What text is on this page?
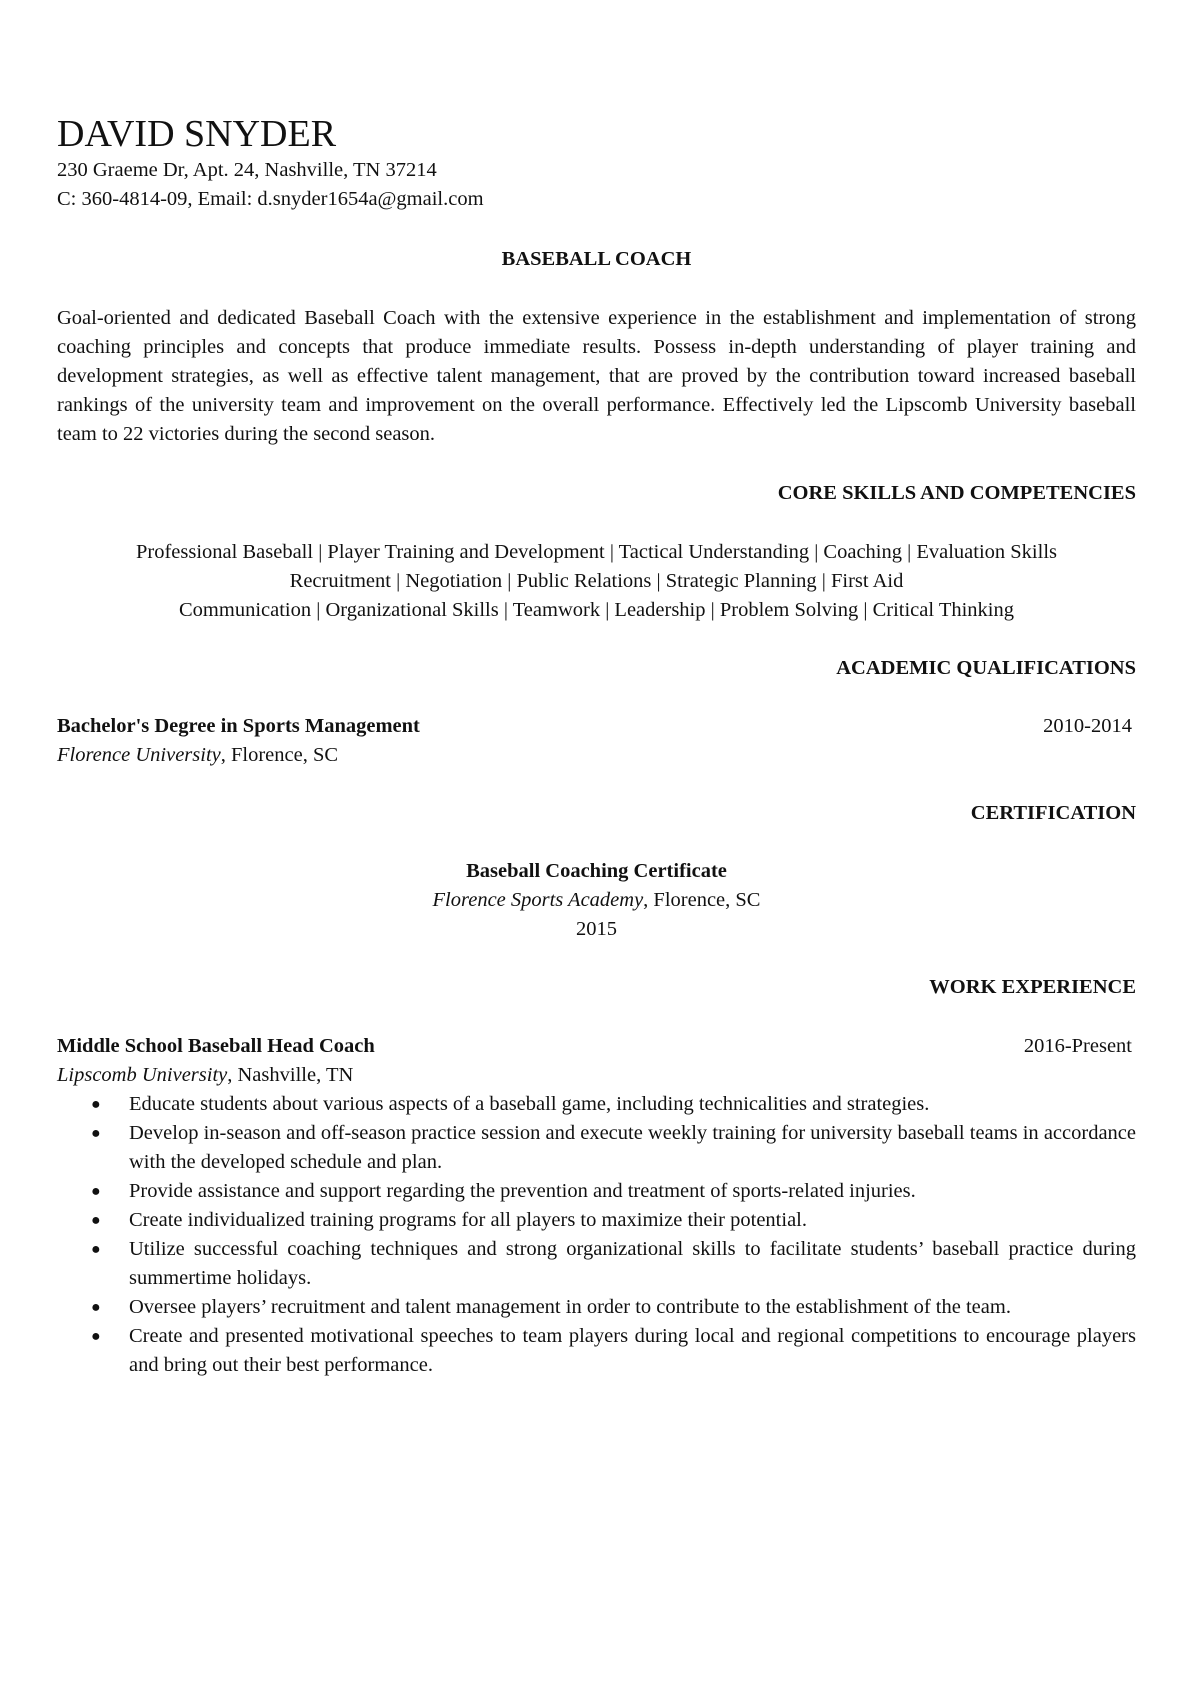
DAVID SNYDER
230 Graeme Dr, Apt. 24, Nashville, TN 37214
C: 360-4814-09, Email: d.snyder1654a@gmail.com
BASEBALL COACH
Goal-oriented and dedicated Baseball Coach with the extensive experience in the establishment and implementation of strong coaching principles and concepts that produce immediate results. Possess in-depth understanding of player training and development strategies, as well as effective talent management, that are proved by the contribution toward increased baseball rankings of the university team and improvement on the overall performance. Effectively led the Lipscomb University baseball team to 22 victories during the second season.
CORE SKILLS AND COMPETENCIES
Professional Baseball | Player Training and Development | Tactical Understanding | Coaching | Evaluation Skills
Recruitment | Negotiation | Public Relations | Strategic Planning | First Aid
Communication | Organizational Skills | Teamwork | Leadership | Problem Solving | Critical Thinking
ACADEMIC QUALIFICATIONS
Bachelor's Degree in Sports Management	2010-2014
Florence University, Florence, SC
CERTIFICATION
Baseball Coaching Certificate
Florence Sports Academy, Florence, SC
2015
WORK EXPERIENCE
Middle School Baseball Head Coach	2016-Present
Lipscomb University, Nashville, TN
● Educate students about various aspects of a baseball game, including technicalities and strategies.
● Develop in-season and off-season practice session and execute weekly training for university baseball teams in accordance with the developed schedule and plan.
● Provide assistance and support regarding the prevention and treatment of sports-related injuries.
● Create individualized training programs for all players to maximize their potential.
● Utilize successful coaching techniques and strong organizational skills to facilitate students’ baseball practice during summertime holidays.
● Oversee players’ recruitment and talent management in order to contribute to the establishment of the team.
● Create and presented motivational speeches to team players during local and regional competitions to encourage players and bring out their best performance.
